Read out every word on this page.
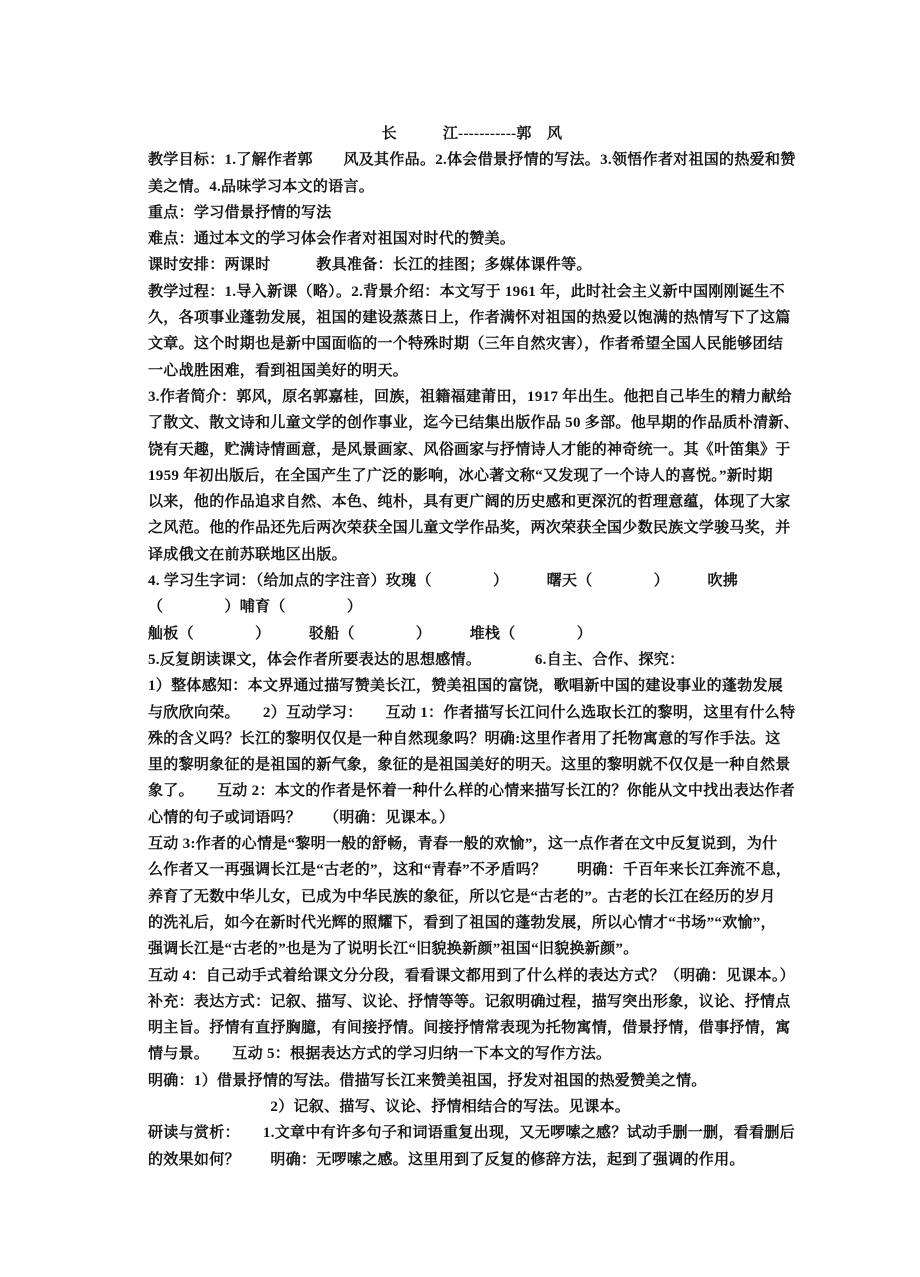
长　　　江-----------郭　风
教学目标：1.了解作者郭　　风及其作品。2.体会借景抒情的写法。3.领悟作者对祖国的热爱和赞
美之情。4.品味学习本文的语言。
重点：学习借景抒情的写法
难点：通过本文的学习体会作者对祖国对时代的赞美。
课时安排：两课时　　　教具准备：长江的挂图；多媒体课件等。
教学过程：1.导入新课（略）。2.背景介绍：本文写于 1961 年，此时社会主义新中国刚刚诞生不
久，各项事业蓬勃发展，祖国的建设蒸蒸日上，作者满怀对祖国的热爱以饱满的热情写下了这篇
文章。这个时期也是新中国面临的一个特殊时期（三年自然灾害），作者希望全国人民能够团结
一心战胜困难，看到祖国美好的明天。
3.作者简介：郭风，原名郭嘉桂，回族，祖籍福建莆田，1917 年出生。他把自己毕生的精力献给
了散文、散文诗和儿童文学的创作事业，迄今已结集出版作品 50 多部。他早期的作品质朴清新、
饶有天趣，贮满诗情画意，是风景画家、风俗画家与抒情诗人才能的神奇统一。其《叶笛集》于
1959 年初出版后，在全国产生了广泛的影响，冰心著文称“又发现了一个诗人的喜悦。”新时期
以来，他的作品追求自然、本色、纯朴，具有更广阔的历史感和更深沉的哲理意蕴，体现了大家
之风范。他的作品还先后两次荣获全国儿童文学作品奖，两次荣获全国少数民族文学骏马奖，并
译成俄文在前苏联地区出版。
4. 学习生字词：（给加点的字注音）玫瑰（　　　　）　　　曙天（　　　　）　　　吹拂
（　　　　）哺育（　　　　）
舢板（　　　　）　　　驳船（　　　　）　　　堆栈（　　　　）
5.反复朗读课文，体会作者所要表达的思想感情。　　　　6.自主、合作、探究：
1）整体感知：本文界通过描写赞美长江，赞美祖国的富饶，歌唱新中国的建设事业的蓬勃发展
与欣欣向荣。　　2）互动学习：　　互动 1：作者描写长江问什么选取长江的黎明，这里有什么特
殊的含义吗？长江的黎明仅仅是一种自然现象吗？明确:这里作者用了托物寓意的写作手法。这
里的黎明象征的是祖国的新气象，象征的是祖国美好的明天。这里的黎明就不仅仅是一种自然景
象了。　　互动 2：本文的作者是怀着一种什么样的心情来描写长江的？你能从文中找出表达作者
心情的句子或词语吗？　　（明确：见课本。）
互动 3:作者的心情是“黎明一般的舒畅，青春一般的欢愉”，这一点作者在文中反复说到，为什
么作者又一再强调长江是“古老的”，这和“青春”不矛盾吗？　　明确：千百年来长江奔流不息，
养育了无数中华儿女，已成为中华民族的象征，所以它是“古老的”。古老的长江在经历的岁月
的洗礼后，如今在新时代光辉的照耀下，看到了祖国的蓬勃发展，所以心情才“书场”“欢愉”，
强调长江是“古老的”也是为了说明长江“旧貌换新颜”祖国“旧貌换新颜”。
互动 4：自己动手式着给课文分分段，看看课文都用到了什么样的表达方式？（明确：见课本。）
补充：表达方式：记叙、描写、议论、抒情等等。记叙明确过程，描写突出形象，议论、抒情点
明主旨。抒情有直抒胸臆，有间接抒情。间接抒情常表现为托物寓情，借景抒情，借事抒情，寓
情与景。　　互动 5：根据表达方式的学习归纳一下本文的写作方法。
明确：1）借景抒情的写法。借描写长江来赞美祖国，抒发对祖国的热爱赞美之情。
　　　　　　　　2）记叙、描写、议论、抒情相结合的写法。见课本。
研读与赏析：　　1.文章中有许多句子和词语重复出现，又无啰嗦之感？试动手删一删，看看删后
的效果如何？　　明确：无啰嗦之感。这里用到了反复的修辞方法，起到了强调的作用。
